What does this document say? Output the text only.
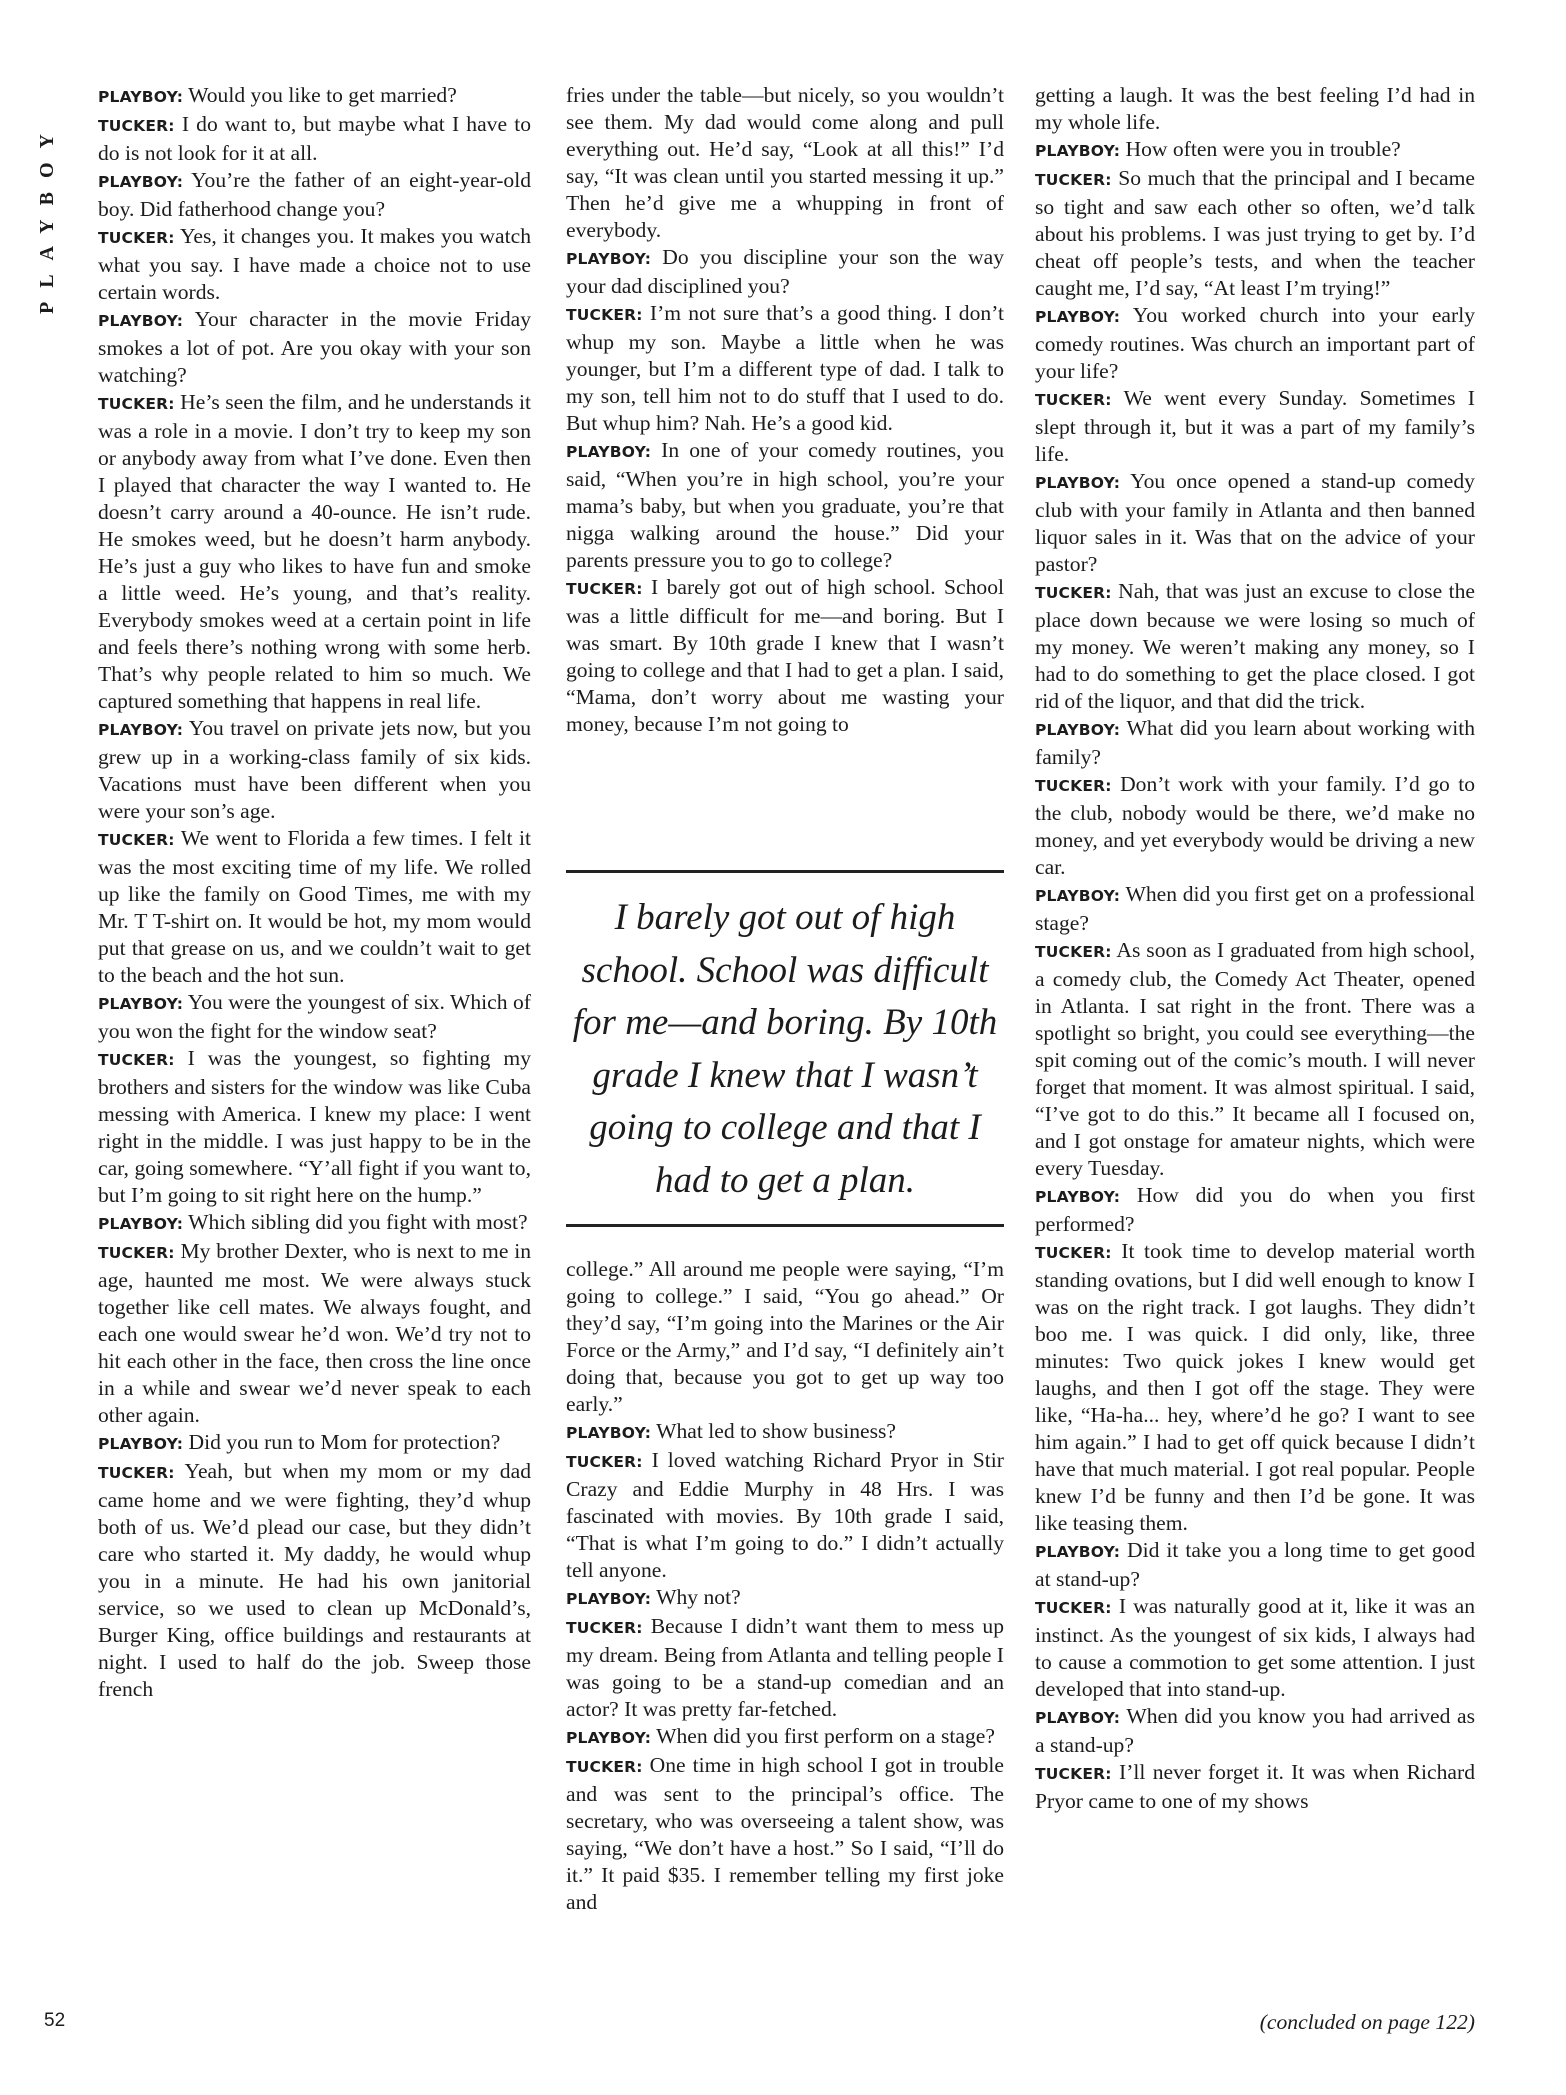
PLAYBOY

PLAYBOY: Would you like to get married?

TUCKER: I do want to, but maybe what I have to do is not look for it at all.

PLAYBOY: You’re the father of an eight-year-old boy. Did fatherhood change you?

TUCKER: Yes, it changes you. It makes you watch what you say. I have made a choice not to use certain words.

PLAYBOY: Your character in the movie Friday smokes a lot of pot. Are you okay with your son watching?

TUCKER: He’s seen the film, and he understands it was a role in a movie. I don’t try to keep my son or anybody away from what I’ve done. Even then I played that character the way I wanted to. He doesn’t carry around a 40-ounce. He isn’t rude. He smokes weed, but he doesn’t harm anybody. He’s just a guy who likes to have fun and smoke a little weed. He’s young, and that’s reality. Everybody smokes weed at a certain point in life and feels there’s nothing wrong with some herb. That’s why people related to him so much. We captured something that happens in real life.

PLAYBOY: You travel on private jets now, but you grew up in a working-class family of six kids. Vacations must have been different when you were your son’s age.

TUCKER: We went to Florida a few times. I felt it was the most exciting time of my life. We rolled up like the family on Good Times, me with my Mr. T T-shirt on. It would be hot, my mom would put that grease on us, and we couldn’t wait to get to the beach and the hot sun.

PLAYBOY: You were the youngest of six. Which of you won the fight for the window seat?

TUCKER: I was the youngest, so fighting my brothers and sisters for the window was like Cuba messing with America. I knew my place: I went right in the middle. I was just happy to be in the car, going somewhere. “Y’all fight if you want to, but I’m going to sit right here on the hump.”

PLAYBOY: Which sibling did you fight with most?

TUCKER: My brother Dexter, who is next to me in age, haunted me most. We were always stuck together like cell mates. We always fought, and each one would swear he’d won. We’d try not to hit each other in the face, then cross the line once in a while and swear we’d never speak to each other again.

PLAYBOY: Did you run to Mom for protection?

TUCKER: Yeah, but when my mom or my dad came home and we were fighting, they’d whup both of us. We’d plead our case, but they didn’t care who started it. My daddy, he would whup you in a minute. He had his own janitorial service, so we used to clean up McDonald’s, Burger King, office buildings and restaurants at night. I used to half do the job. Sweep those french

fries under the table—but nicely, so you wouldn’t see them. My dad would come along and pull everything out. He’d say, “Look at all this!” I’d say, “It was clean until you started messing it up.” Then he’d give me a whupping in front of everybody.

PLAYBOY: Do you discipline your son the way your dad disciplined you?

TUCKER: I’m not sure that’s a good thing. I don’t whup my son. Maybe a little when he was younger, but I’m a different type of dad. I talk to my son, tell him not to do stuff that I used to do. But whup him? Nah. He’s a good kid.

PLAYBOY: In one of your comedy routines, you said, “When you’re in high school, you’re your mama’s baby, but when you graduate, you’re that nigga walking around the house.” Did your parents pressure you to go to college?

TUCKER: I barely got out of high school. School was a little difficult for me—and boring. But I was smart. By 10th grade I knew that I wasn’t going to college and that I had to get a plan. I said, “Mama, don’t worry about me wasting your money, because I’m not going to

I barely got out of high school. School was difficult for me—and boring. By 10th grade I knew that I wasn’t going to college and that I had to get a plan.

college.” All around me people were saying, “I’m going to college.” I said, “You go ahead.” Or they’d say, “I’m going into the Marines or the Air Force or the Army,” and I’d say, “I definitely ain’t doing that, because you got to get up way too early.”

PLAYBOY: What led to show business?

TUCKER: I loved watching Richard Pryor in Stir Crazy and Eddie Murphy in 48 Hrs. I was fascinated with movies. By 10th grade I said, “That is what I’m going to do.” I didn’t actually tell anyone.

PLAYBOY: Why not?

TUCKER: Because I didn’t want them to mess up my dream. Being from Atlanta and telling people I was going to be a stand-up comedian and an actor? It was pretty far-fetched.

PLAYBOY: When did you first perform on a stage?

TUCKER: One time in high school I got in trouble and was sent to the principal’s office. The secretary, who was overseeing a talent show, was saying, “We don’t have a host.” So I said, “I’ll do it.” It paid $35. I remember telling my first joke and

getting a laugh. It was the best feeling I’d had in my whole life.

PLAYBOY: How often were you in trouble?

TUCKER: So much that the principal and I became so tight and saw each other so often, we’d talk about his problems. I was just trying to get by. I’d cheat off people’s tests, and when the teacher caught me, I’d say, “At least I’m trying!”

PLAYBOY: You worked church into your early comedy routines. Was church an important part of your life?

TUCKER: We went every Sunday. Sometimes I slept through it, but it was a part of my family’s life.

PLAYBOY: You once opened a stand-up comedy club with your family in Atlanta and then banned liquor sales in it. Was that on the advice of your pastor?

TUCKER: Nah, that was just an excuse to close the place down because we were losing so much of my money. We weren’t making any money, so I had to do something to get the place closed. I got rid of the liquor, and that did the trick.

PLAYBOY: What did you learn about working with family?

TUCKER: Don’t work with your family. I’d go to the club, nobody would be there, we’d make no money, and yet everybody would be driving a new car.

PLAYBOY: When did you first get on a professional stage?

TUCKER: As soon as I graduated from high school, a comedy club, the Comedy Act Theater, opened in Atlanta. I sat right in the front. There was a spotlight so bright, you could see everything—the spit coming out of the comic’s mouth. I will never forget that moment. It was almost spiritual. I said, “I’ve got to do this.” It became all I focused on, and I got onstage for amateur nights, which were every Tuesday.

PLAYBOY: How did you do when you first performed?

TUCKER: It took time to develop material worth standing ovations, but I did well enough to know I was on the right track. I got laughs. They didn’t boo me. I was quick. I did only, like, three minutes: Two quick jokes I knew would get laughs, and then I got off the stage. They were like, “Ha-ha... hey, where’d he go? I want to see him again.” I had to get off quick because I didn’t have that much material. I got real popular. People knew I’d be funny and then I’d be gone. It was like teasing them.

PLAYBOY: Did it take you a long time to get good at stand-up?

TUCKER: I was naturally good at it, like it was an instinct. As the youngest of six kids, I always had to cause a commotion to get some attention. I just developed that into stand-up.

PLAYBOY: When did you know you had arrived as a stand-up?

TUCKER: I’ll never forget it. It was when Richard Pryor came to one of my shows

52	(concluded on page 122)
